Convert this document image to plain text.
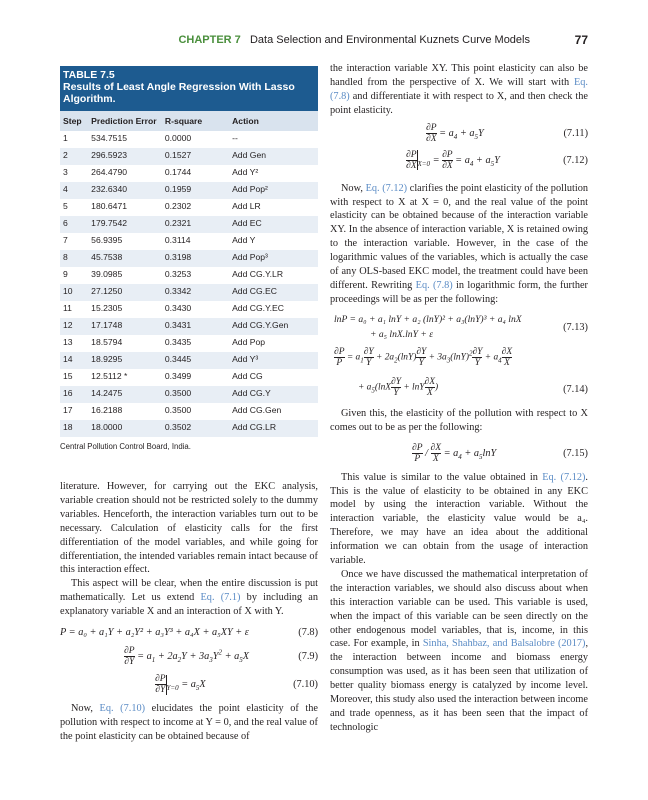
CHAPTER 7 Data Selection and Environmental Kuznets Curve Models	77
TABLE 7.5
Results of Least Angle Regression With Lasso Algorithm.
Step	Prediction Error	R-square	Action
1	534.7515	0.0000	--
2	296.5923	0.1527	Add Gen
3	264.4790	0.1744	Add Y²
4	232.6340	0.1959	Add Pop²
5	180.6471	0.2302	Add LR
6	179.7542	0.2321	Add EC
7	56.9395	0.3114	Add Y
8	45.7538	0.3198	Add Pop³
9	39.0985	0.3253	Add CG.Y.LR
10	27.1250	0.3342	Add CG.EC
11	15.2305	0.3430	Add CG.Y.EC
12	17.1748	0.3431	Add CG.Y.Gen
13	18.5794	0.3435	Add Pop
14	18.9295	0.3445	Add Y³
15	12.5112 *	0.3499	Add CG
16	14.2475	0.3500	Add CG.Y
17	16.2188	0.3500	Add CG.Gen
18	18.0000	0.3502	Add CG.LR
Central Pollution Control Board, India.

literature. However, for carrying out the EKC analysis, variable creation should not be restricted solely to the dummy variables. Henceforth, the interaction variables turn out to be necessary. Calculation of elasticity calls for the first differentiation of the model variables, and while going for differentiation, the intended variables remain intact because of this interaction effect.

This aspect will be clear, when the entire discussion is put mathematically. Let us extend Eq. (7.1) by including an explanatory variable X and an interaction of X with Y.

P = a₀ + a₁Y + a₂Y² + a₃Y³ + a₄X + a₅XY + ε	(7.8)
$\frac{\partial P}{\partial Y} = a_1 + 2a_2Y + 3a_3Y^2 + a_5X$	(7.9)
$\frac{\partial P}{\partial Y} _{Y=0} = a_5X$	(7.10)

Now, Eq. (7.10) elucidates the point elasticity of the pollution with respect to income at Y = 0, and the real value of the point elasticity can be obtained because of

the interaction variable XY. This point elasticity can also be handled from the perspective of X. We will start with Eq. (7.8) and differentiate it with respect to X, and then check the point elasticity.

$\frac{\partial P}{\partial X} = a_4 + a_5Y$	(7.11)
$\frac{\partial P}{\partial X} _{X=0} = \frac{\partial P}{\partial X} = a_4 + a_5Y$	(7.12)

Now, Eq. (7.12) clarifies the point elasticity of the pollution with respect to X at X = 0, and the real value of the point elasticity can be obtained because of the interaction variable XY. In the absence of interaction variable, X is retained owing to the interaction variable. However, in the case of the logarithmic values of the variables, which is actually the case of any OLS-based EKC model, the treatment could have been different. Rewriting Eq. (7.8) in logarithmic form, the further proceedings will be as per the following:

lnP = a₀ + a₁ lnY + a₂ (lnY)² + a₃(lnY)³ + a₄ lnX
+ a₅ lnX.lnY + ε
(7.13)
$\frac{\partial P}{P} = a_1 \frac{\partial Y}{Y} + 2a_2(\ln Y) \frac{\partial Y}{Y} + 3a_3(\ln Y)^2 \frac{\partial Y}{Y} + a_4 \frac{\partial X}{X}$
+ $a_5(\ln X \frac{\partial Y}{Y} + \ln Y \frac{\partial X}{X}$ )	(7.14)

Given this, the elasticity of the pollution with respect to X comes out to be as per the following:

$\frac{\partial P}{P} / \frac{\partial X}{X} = a_4 + a_5\ln Y$	(7.15)

This value is similar to the value obtained in Eq. (7.12). This is the value of elasticity to be obtained in any EKC model by using the interaction variable. Without the interaction variable, the elasticity value would be a₄. Therefore, we may have an idea about the additional information we can obtain from the usage of interaction variable.

Once we have discussed the mathematical interpretation of the interaction variables, we should also discuss about when this interaction variable can be used. This variable is used, when the impact of this variable can be seen directly on the other endogenous model variables, that is, income, in this case. For example, in Sinha, Shahbaz, and Balsalobre (2017), the interaction between income and biomass energy consumption was used, as it has been seen that utilization of better quality biomass energy is catalyzed by income level. Moreover, this study also used the interaction between income and trade openness, as it has been seen that the impact of technologic
